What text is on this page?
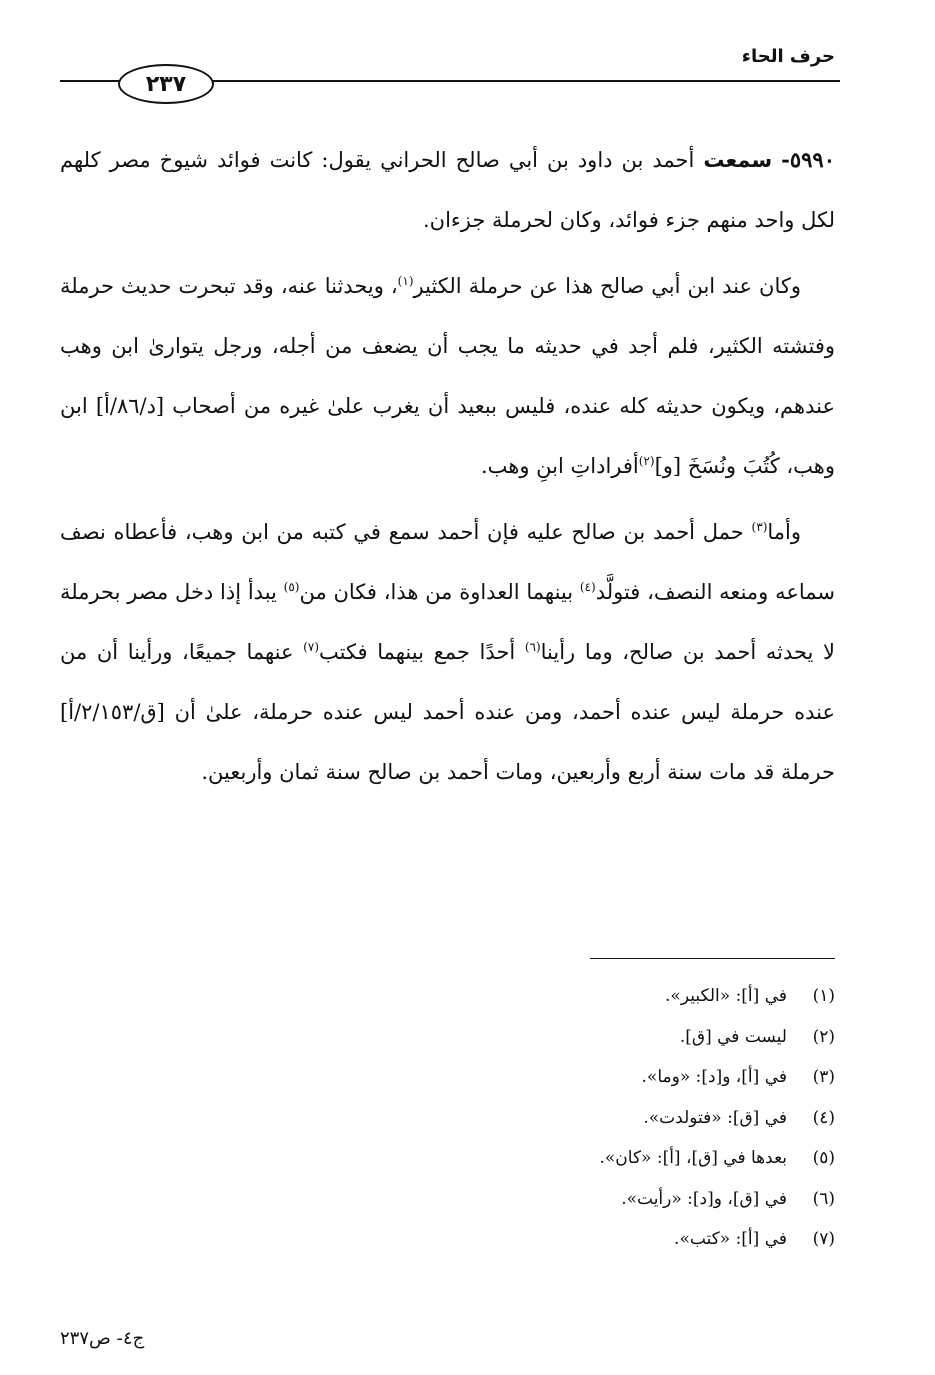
حرف الحاء
٢٣٧

٥٩٩٠- سمعت أحمد بن داود بن أبي صالح الحراني يقول: كانت فوائد شيوخ مصر كلهم لكل واحد منهم جزء فوائد، وكان لحرملة جزءان.

وكان عند ابن أبي صالح هذا عن حرملة الكثير$^{(١)}$، ويحدثنا عنه، وقد تبحرت حديث حرملة وفتشته الكثير، فلم أجد في حديثه ما يجب أن يضعف من أجله، ورجل يتوارىٰ ابن وهب عندهم، ويكون حديثه كله عنده، فليس ببعيد أن يغرب علىٰ غيره من أصحاب [د/٨٦/أ] ابن وهب، كُتُبَ ونُسَخَ [و]$^{(٢)}$أفراداتِ ابنِ وهب.

وأما$^{(٣)}$ حمل أحمد بن صالح عليه فإن أحمد سمع في كتبه من ابن وهب، فأعطاه نصف سماعه ومنعه النصف، فتولَّد$^{(٤)}$ بينهما العداوة من هذا، فكان من$^{(٥)}$ يبدأ إذا دخل مصر بحرملة لا يحدثه أحمد بن صالح، وما رأينا$^{(٦)}$ أحدًا جمع بينهما فكتب$^{(٧)}$ عنهما جميعًا، ورأينا أن من عنده حرملة ليس عنده أحمد، ومن عنده أحمد ليس عنده حرملة، علىٰ أن [ق/٢/١٥٣/أ] حرملة قد مات سنة أربع وأربعين، ومات أحمد بن صالح سنة ثمان وأربعين.

(١)
في [أ]: «الكبير».
(٢)
ليست في [ق].
(٣)
في [أ]، و[د]: «وما».
(٤)
في [ق]: «فتولدت».
(٥)
بعدها في [ق]، [أ]: «كان».
(٦)
في [ق]، و[د]: «رأيت».
(٧)
في [أ]: «كتب».
ج٤- ص٢٣٧
